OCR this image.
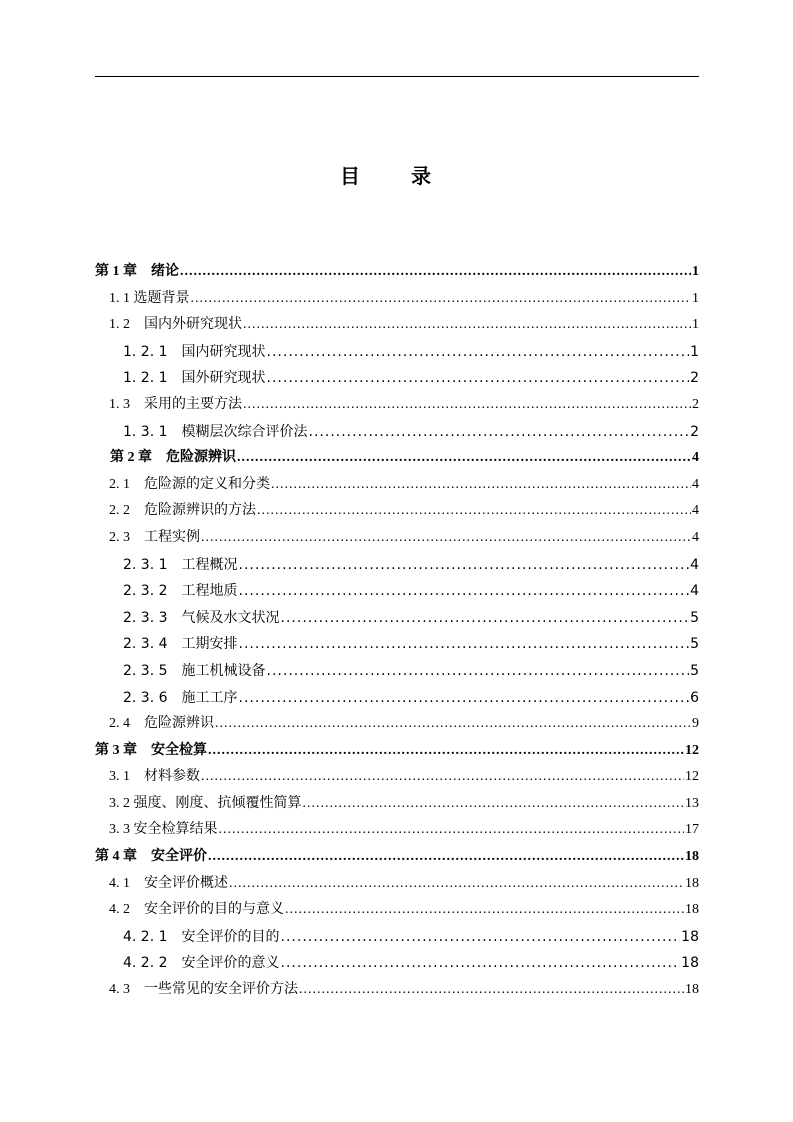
目 录
第 1 章　绪论 .....	1
1. 1 选题背景 .....	1
1. 2　国内外研究现状 .....	1
1. 2. 1　国内研究现状 .....	1
1. 2. 1　国外研究现状 .....	2
1. 3　采用的主要方法 .....	2
1. 3. 1　模糊层次综合评价法 .....	2
第 2 章　危险源辨识 .....	4
2. 1　危险源的定义和分类 .....	4
2. 2　危险源辨识的方法 .....	4
2. 3　工程实例 .....	4
2. 3. 1　工程概况 .....	4
2. 3. 2　工程地质 .....	4
2. 3. 3　气候及水文状况 .....	5
2. 3. 4　工期安排 .....	5
2. 3. 5　施工机械设备 .....	5
2. 3. 6　施工工序 .....	6
2. 4　危险源辨识 .....	9
第 3 章　安全检算 .....	12
3. 1　材料参数 .....	12
3. 2 强度、刚度、抗倾覆性简算 .....	13
3. 3 安全检算结果 .....	17
第 4 章　安全评价 .....	18
4. 1　安全评价概述 .....	18
4. 2　安全评价的目的与意义 .....	18
4. 2. 1　安全评价的目的 .....	18
4. 2. 2　安全评价的意义 .....	18
4. 3　一些常见的安全评价方法 .....	18
